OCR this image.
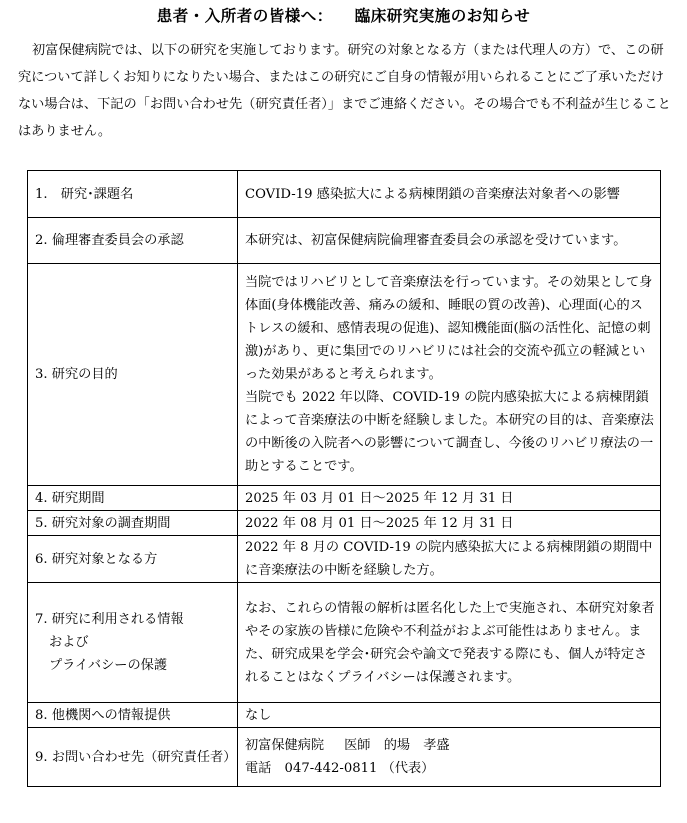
患者・入所者の皆様へ： 臨床研究実施のお知らせ

初富保健病院では、以下の研究を実施しております。研究の対象となる方（または代理人の方）で、この研究について詳しくお知りになりたい場合、またはこの研究にご自身の情報が用いられることにご了承いただけない場合は、下記の「お問い合わせ先（研究責任者）」までご連絡ください。その場合でも不利益が生じることはありません。

1.　研究･課題名	COVID-19 感染拡大による病棟閉鎖の音楽療法対象者への影響
2. 倫理審査委員会の承認	本研究は、初富保健病院倫理審査委員会の承認を受けています。
3. 研究の目的	当院ではリハビリとして音楽療法を行っています。その効果として身体面(身体機能改善、痛みの緩和、睡眠の質の改善)、心理面(心的ストレスの緩和、感情表現の促進)、認知機能面(脳の活性化、記憶の刺激)があり、更に集団でのリハビリには社会的交流や孤立の軽減といった効果があると考えられます。
当院でも 2022 年以降、COVID-19 の院内感染拡大による病棟閉鎖によって音楽療法の中断を経験しました。本研究の目的は、音楽療法の中断後の入院者への影響について調査し、今後のリハビリ療法の一助とすることです。

4. 研究期間	2025 年 03 月 01 日～2025 年 12 月 31 日
5. 研究対象の調査期間	2022 年 08 月 01 日～2025 年 12 月 31 日
6. 研究対象となる方	2022 年 8 月の COVID-19 の院内感染拡大による病棟閉鎖の期間中に音楽療法の中断を経験した方。

7. 研究に利用される情報
および
プライバシーの保護	なお、これらの情報の解析は匿名化した上で実施され、本研究対象者やその家族の皆様に危険や不利益がおよぶ可能性はありません。また、研究成果を学会･研究会や論文で発表する際にも、個人が特定されることはなくプライバシーは保護されます。
8. 他機関への情報提供	なし
9. お問い合わせ先（研究責任者）	初富保健病院 医師　 的場　孝盛
電話　047-442-0811 （代表）
